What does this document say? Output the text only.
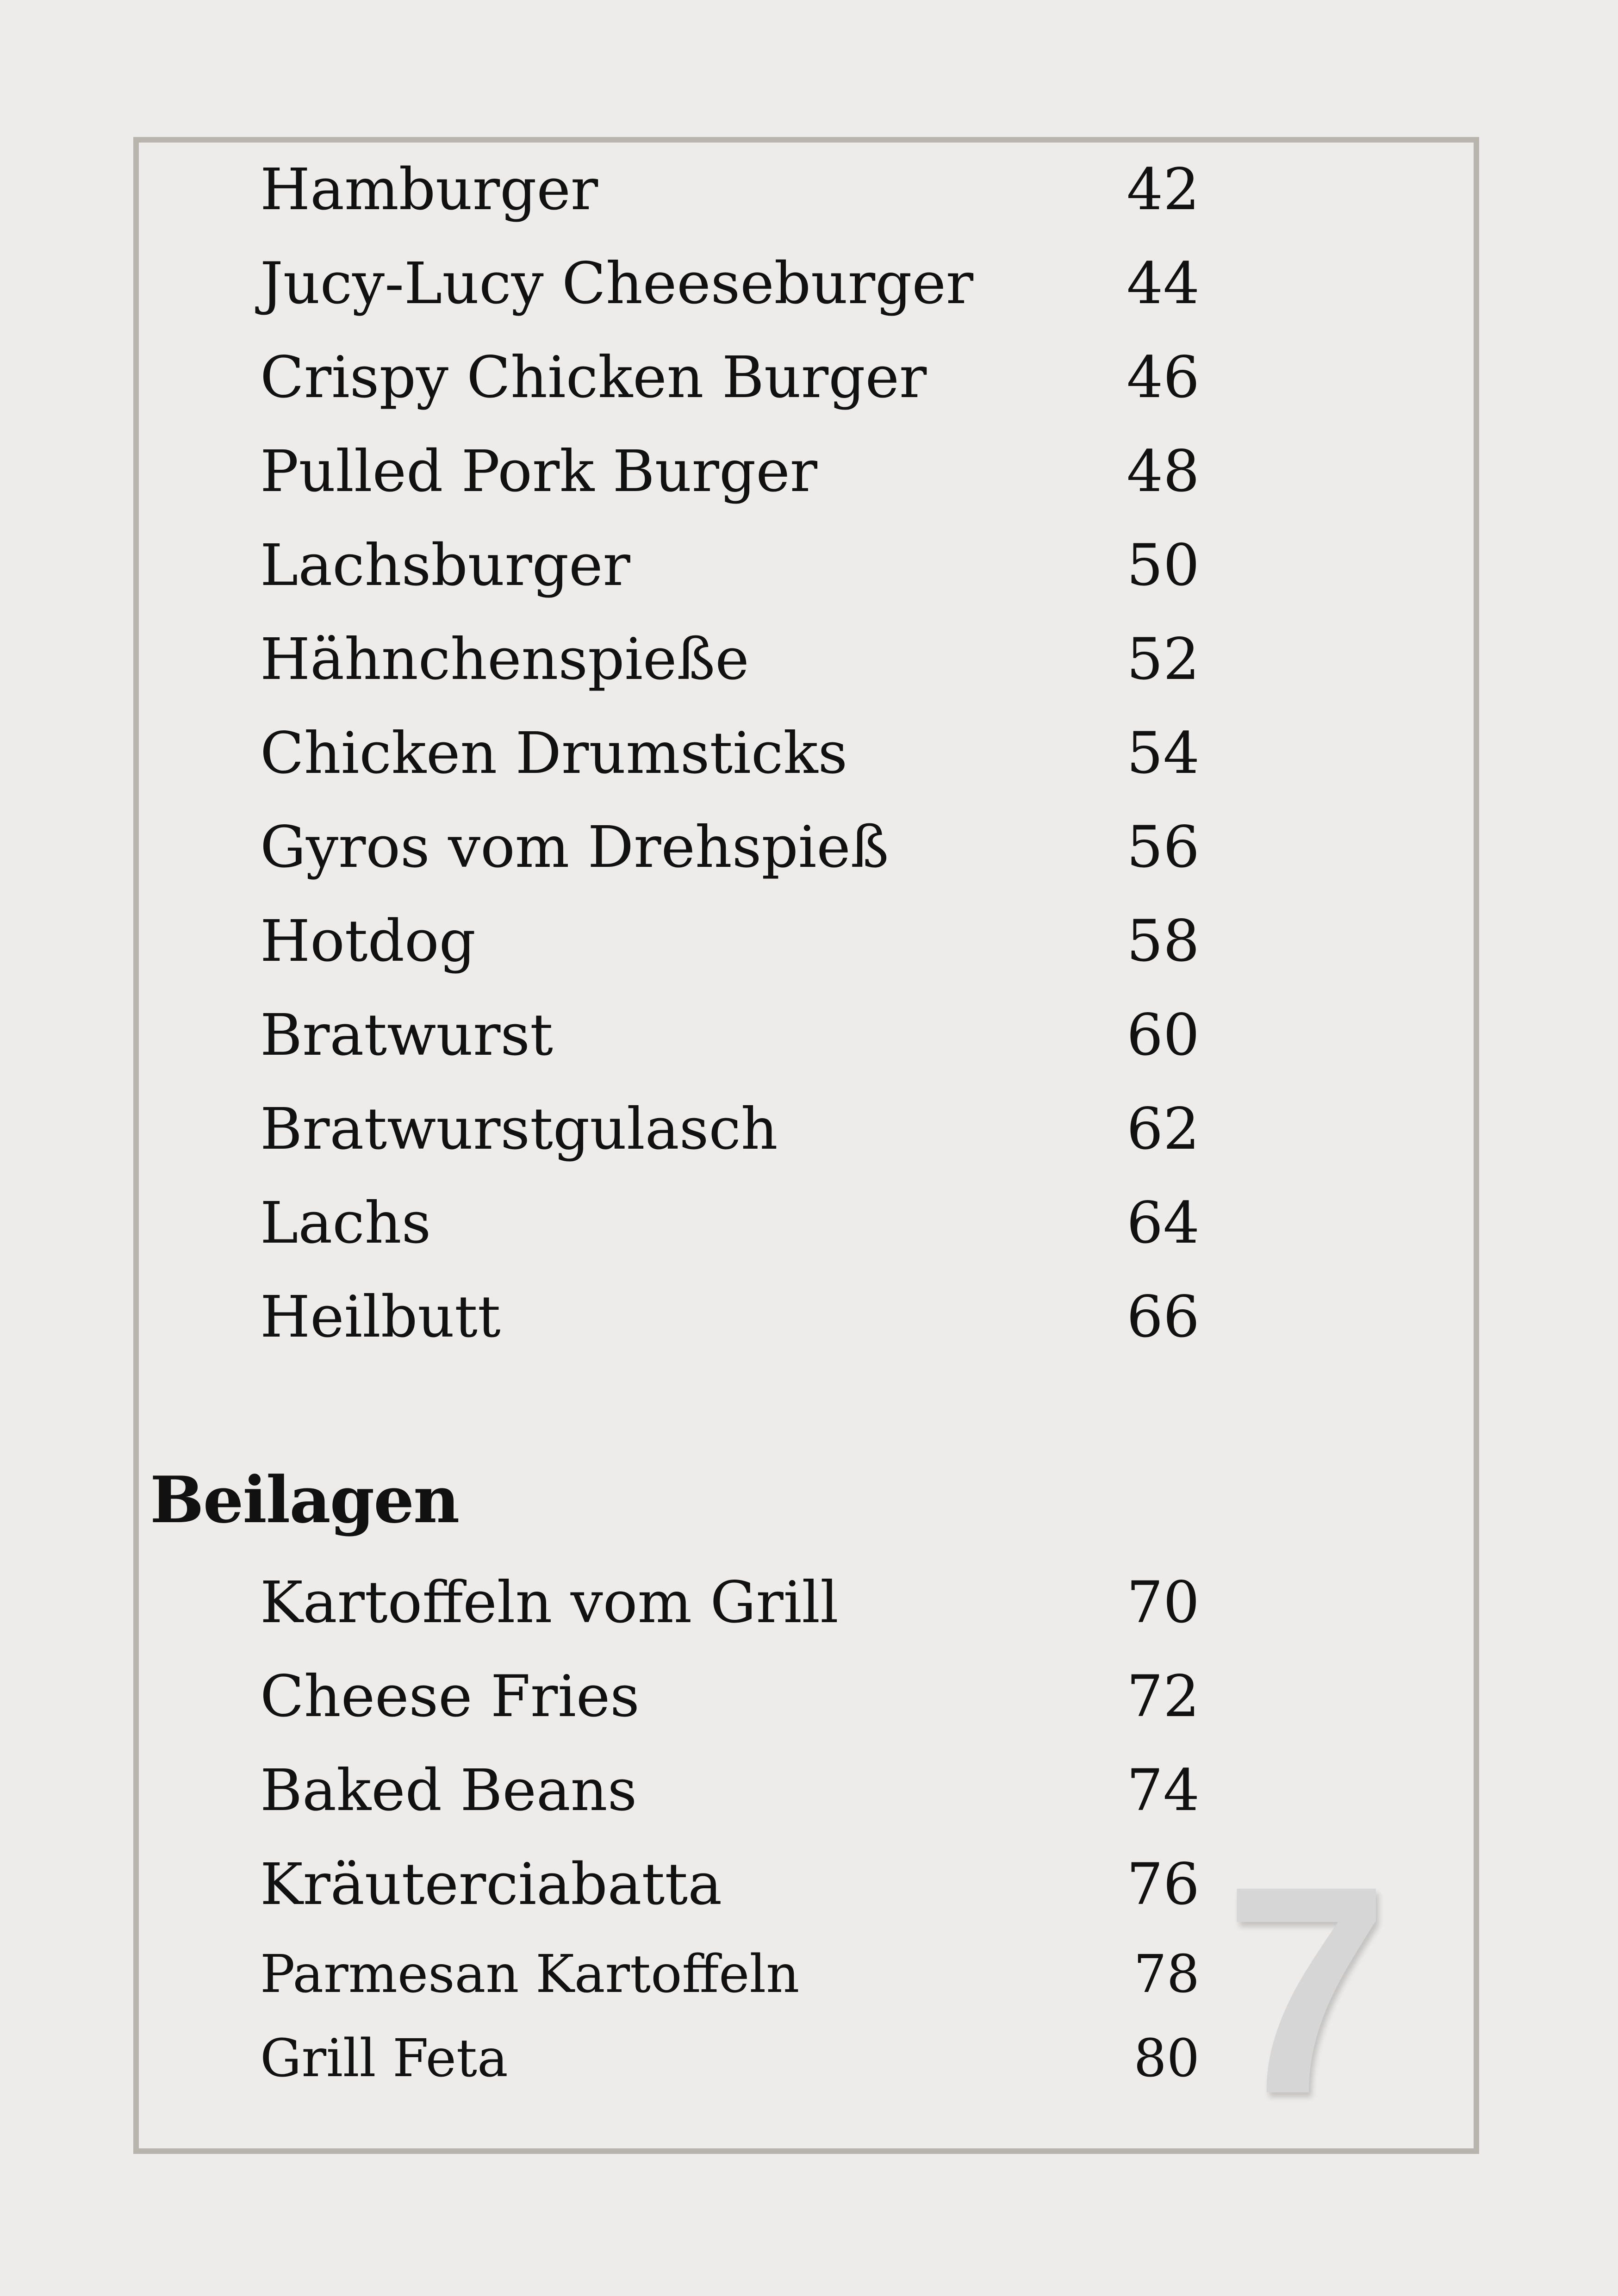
Hamburger	42
Jucy-Lucy Cheeseburger	44
Crispy Chicken Burger	46
Pulled Pork Burger	48
Lachsburger	50
Hähnchenspieße	52
Chicken Drumsticks	54
Gyros vom Drehspieß	56
Hotdog	58
Bratwurst	60
Bratwurstgulasch	62
Lachs	64
Heilbutt	66
Beilagen
Kartoffeln vom Grill	70
Cheese Fries	72
Baked Beans	74
Kräuterciabatta	76
Parmesan Kartoffeln	78
Grill Feta	80 7
